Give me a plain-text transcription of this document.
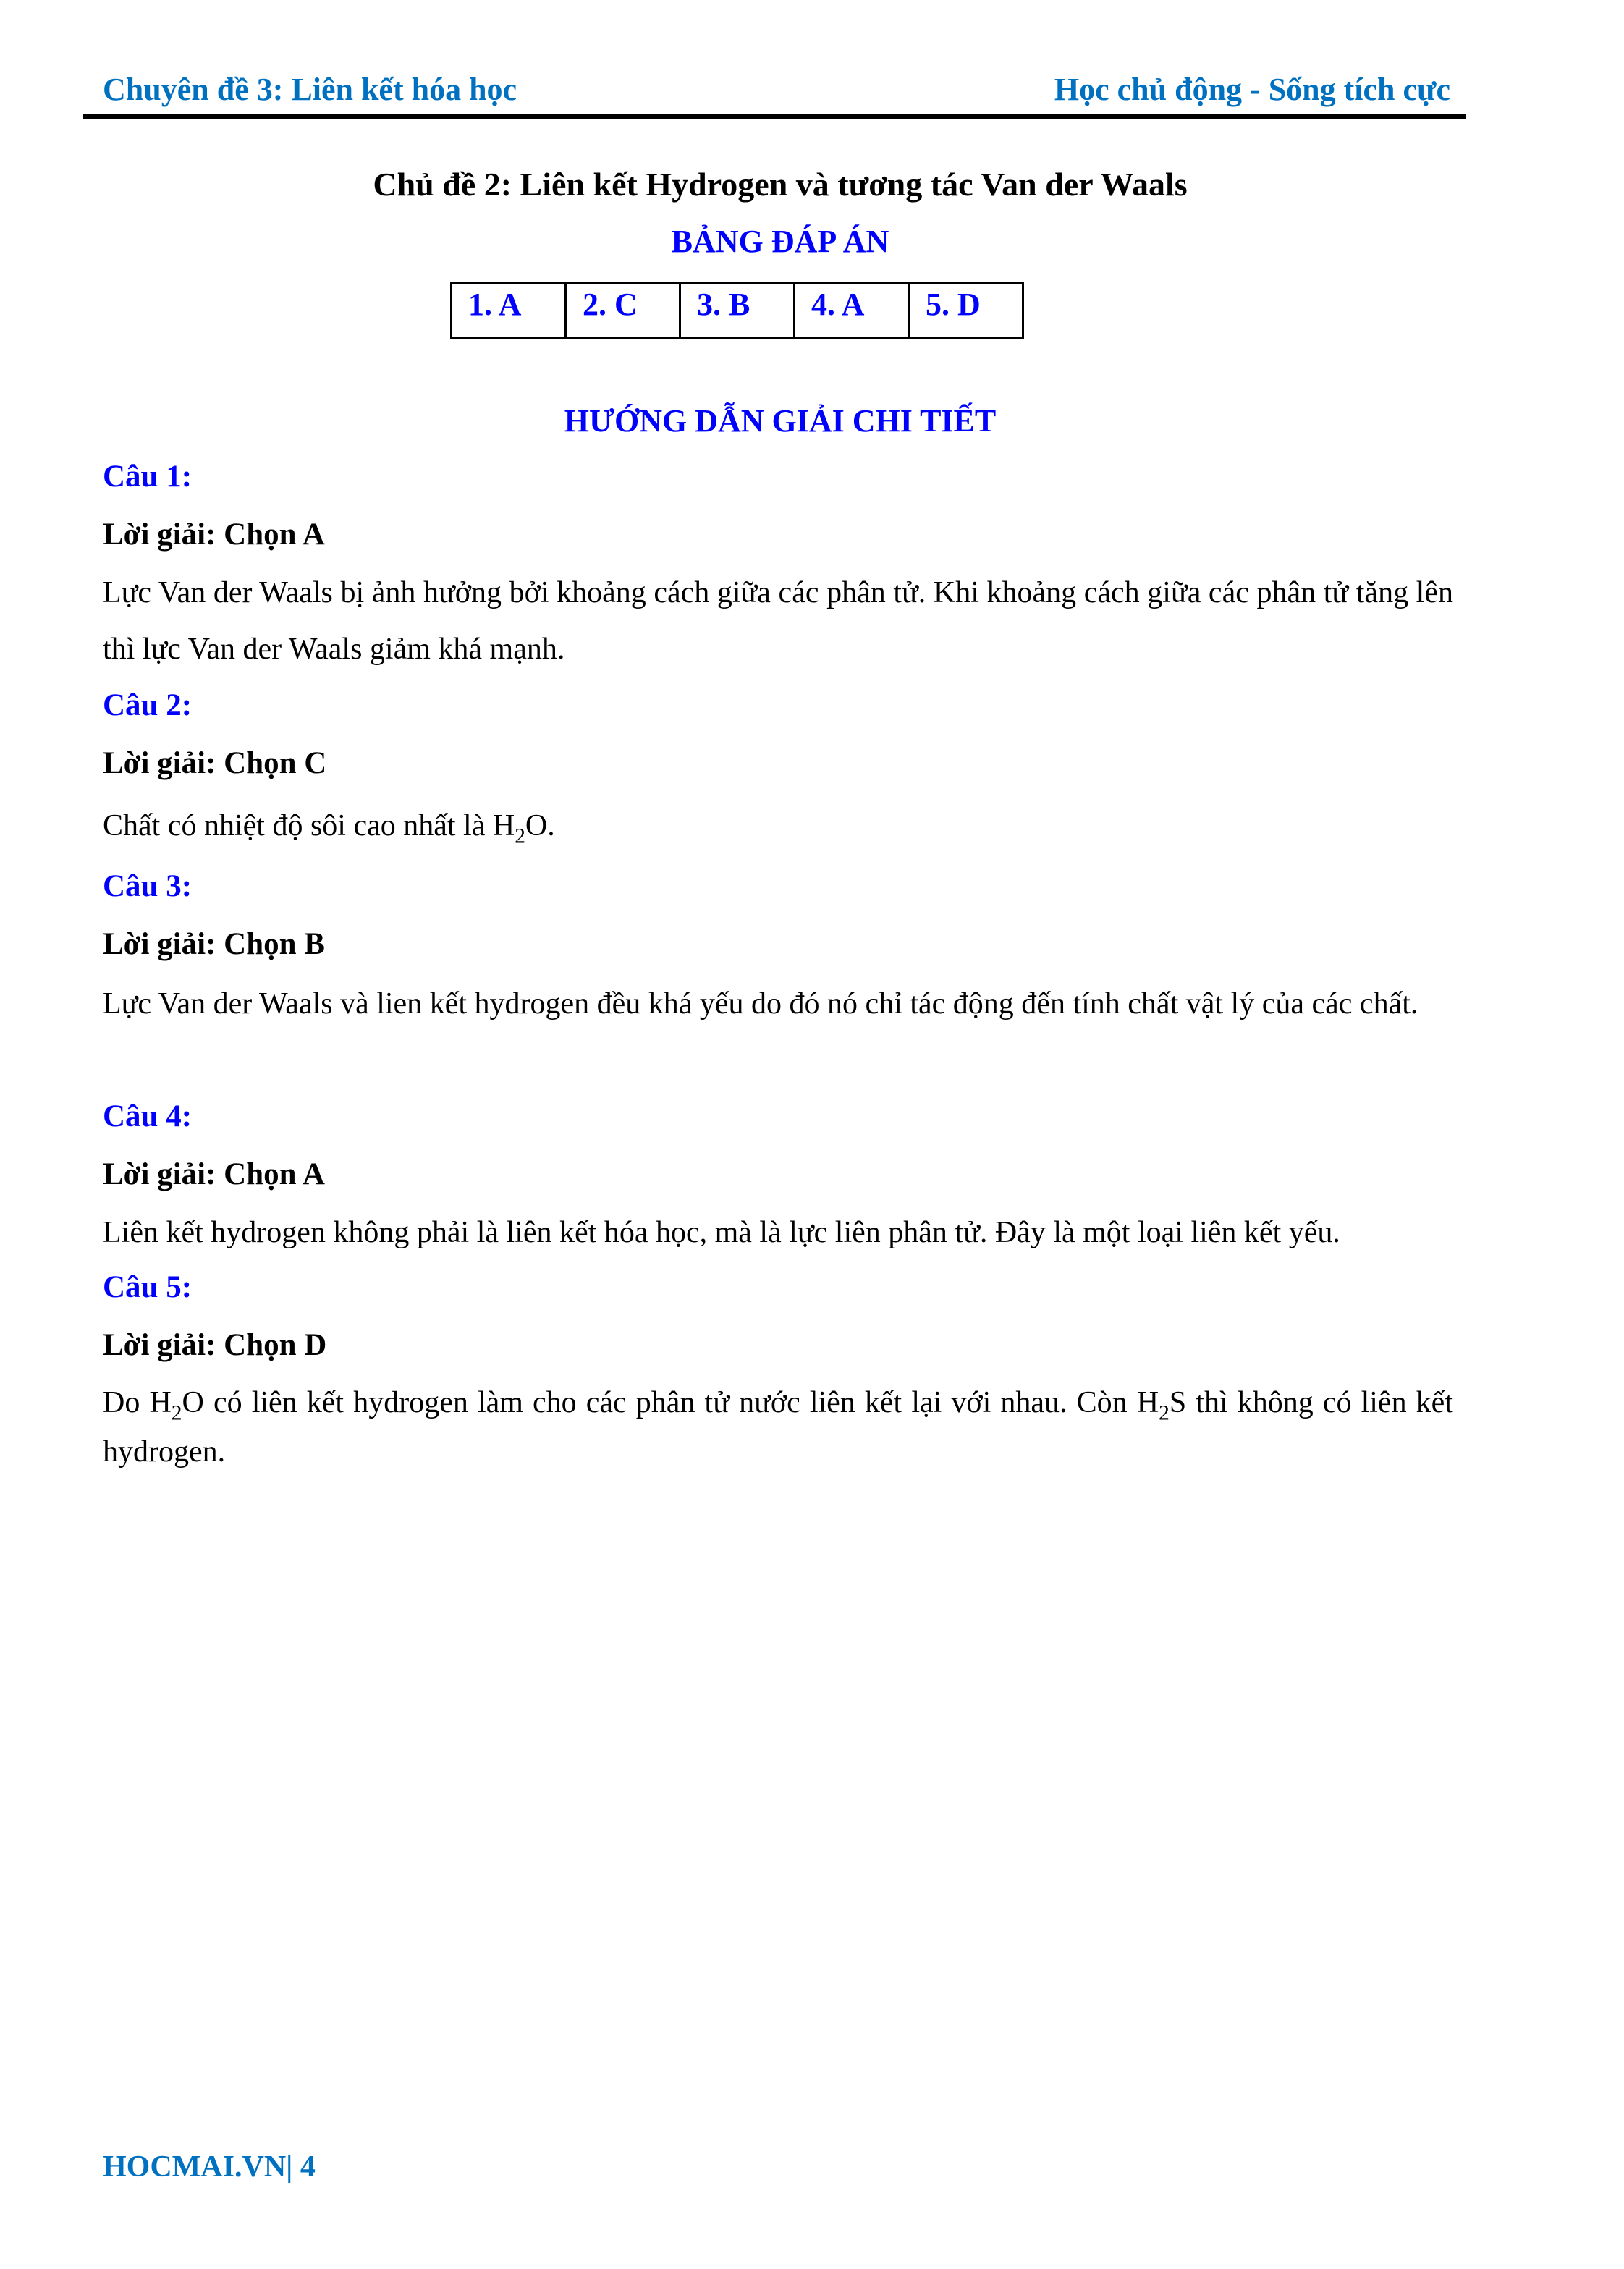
Chuyên đề 3: Liên kết hóa học	Học chủ động - Sống tích cực
Chủ đề 2: Liên kết Hydrogen và tương tác Van der Waals
BẢNG ĐÁP ÁN
1. A	2. C	3. B	4. A	5. D
HƯỚNG DẪN GIẢI CHI TIẾT
Câu 1:
Lời giải: Chọn A
Lực Van der Waals bị ảnh hưởng bởi khoảng cách giữa các phân tử. Khi khoảng cách giữa các phân tử tăng lên thì lực Van der Waals giảm khá mạnh.
Câu 2:
Lời giải: Chọn C
Chất có nhiệt độ sôi cao nhất là $H_2O$.
Câu 3:
Lời giải: Chọn B
Lực Van der Waals và lien kết hydrogen đều khá yếu do đó nó chỉ tác động đến tính chất vật lý của các chất.
Câu 4:
Lời giải: Chọn A
Liên kết hydrogen không phải là liên kết hóa học, mà là lực liên phân tử. Đây là một loại liên kết yếu.
Câu 5:
Lời giải: Chọn D
Do $H_2O$ có liên kết hydrogen làm cho các phân tử nước liên kết lại với nhau. Còn $H_2S$ thì không có liên kết hydrogen.
HOCMAI.VN| 4
